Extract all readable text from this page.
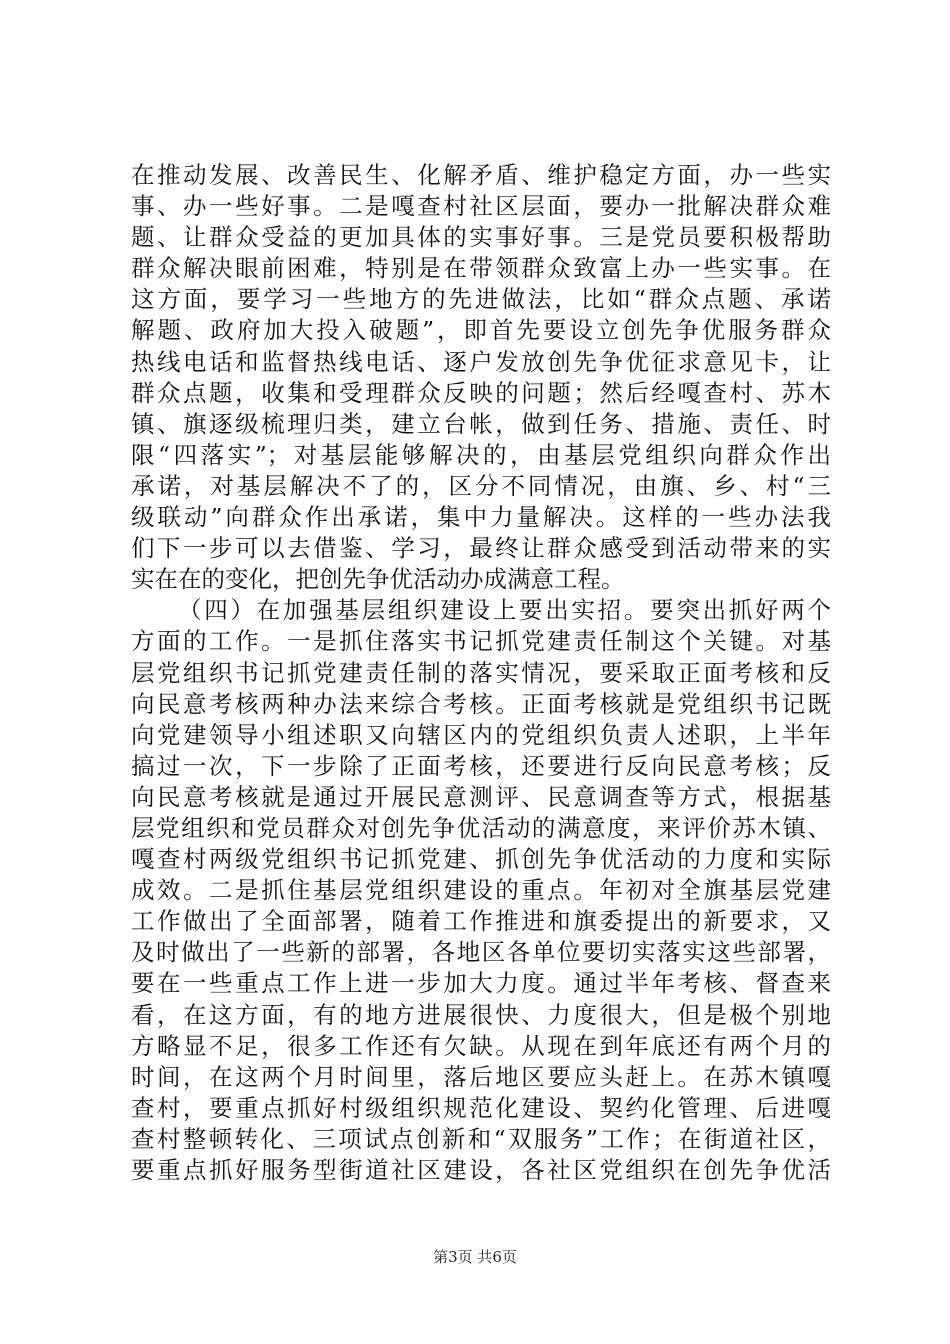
在推动发展、改善民生、化解矛盾、维护稳定方面，办一些实
事、办一些好事。二是嘎查村社区层面，要办一批解决群众难
题、让群众受益的更加具体的实事好事。三是党员要积极帮助
群众解决眼前困难，特别是在带领群众致富上办一些实事。在
这方面，要学习一些地方的先进做法，比如“群众点题、承诺
解题、政府加大投入破题”，即首先要设立创先争优服务群众
热线电话和监督热线电话、逐户发放创先争优征求意见卡，让
群众点题，收集和受理群众反映的问题；然后经嘎查村、苏木
镇、旗逐级梳理归类，建立台帐，做到任务、措施、责任、时
限“四落实”；对基层能够解决的，由基层党组织向群众作出
承诺，对基层解决不了的，区分不同情况，由旗、乡、村“三
级联动”向群众作出承诺，集中力量解决。这样的一些办法我
们下一步可以去借鉴、学习，最终让群众感受到活动带来的实
实在在的变化，把创先争优活动办成满意工程。
（四）在加强基层组织建设上要出实招。要突出抓好两个
方面的工作。一是抓住落实书记抓党建责任制这个关键。对基
层党组织书记抓党建责任制的落实情况，要采取正面考核和反
向民意考核两种办法来综合考核。正面考核就是党组织书记既
向党建领导小组述职又向辖区内的党组织负责人述职，上半年
搞过一次，下一步除了正面考核，还要进行反向民意考核；反
向民意考核就是通过开展民意测评、民意调查等方式，根据基
层党组织和党员群众对创先争优活动的满意度，来评价苏木镇、
嘎查村两级党组织书记抓党建、抓创先争优活动的力度和实际
成效。二是抓住基层党组织建设的重点。年初对全旗基层党建
工作做出了全面部署，随着工作推进和旗委提出的新要求，又
及时做出了一些新的部署，各地区各单位要切实落实这些部署，
要在一些重点工作上进一步加大力度。通过半年考核、督查来
看，在这方面，有的地方进展很快、力度很大，但是极个别地
方略显不足，很多工作还有欠缺。从现在到年底还有两个月的
时间，在这两个月时间里，落后地区要应头赶上。在苏木镇嘎
查村，要重点抓好村级组织规范化建设、契约化管理、后进嘎
查村整顿转化、三项试点创新和“双服务”工作；在街道社区，
要重点抓好服务型街道社区建设，各社区党组织在创先争优活
第3页 共6页
